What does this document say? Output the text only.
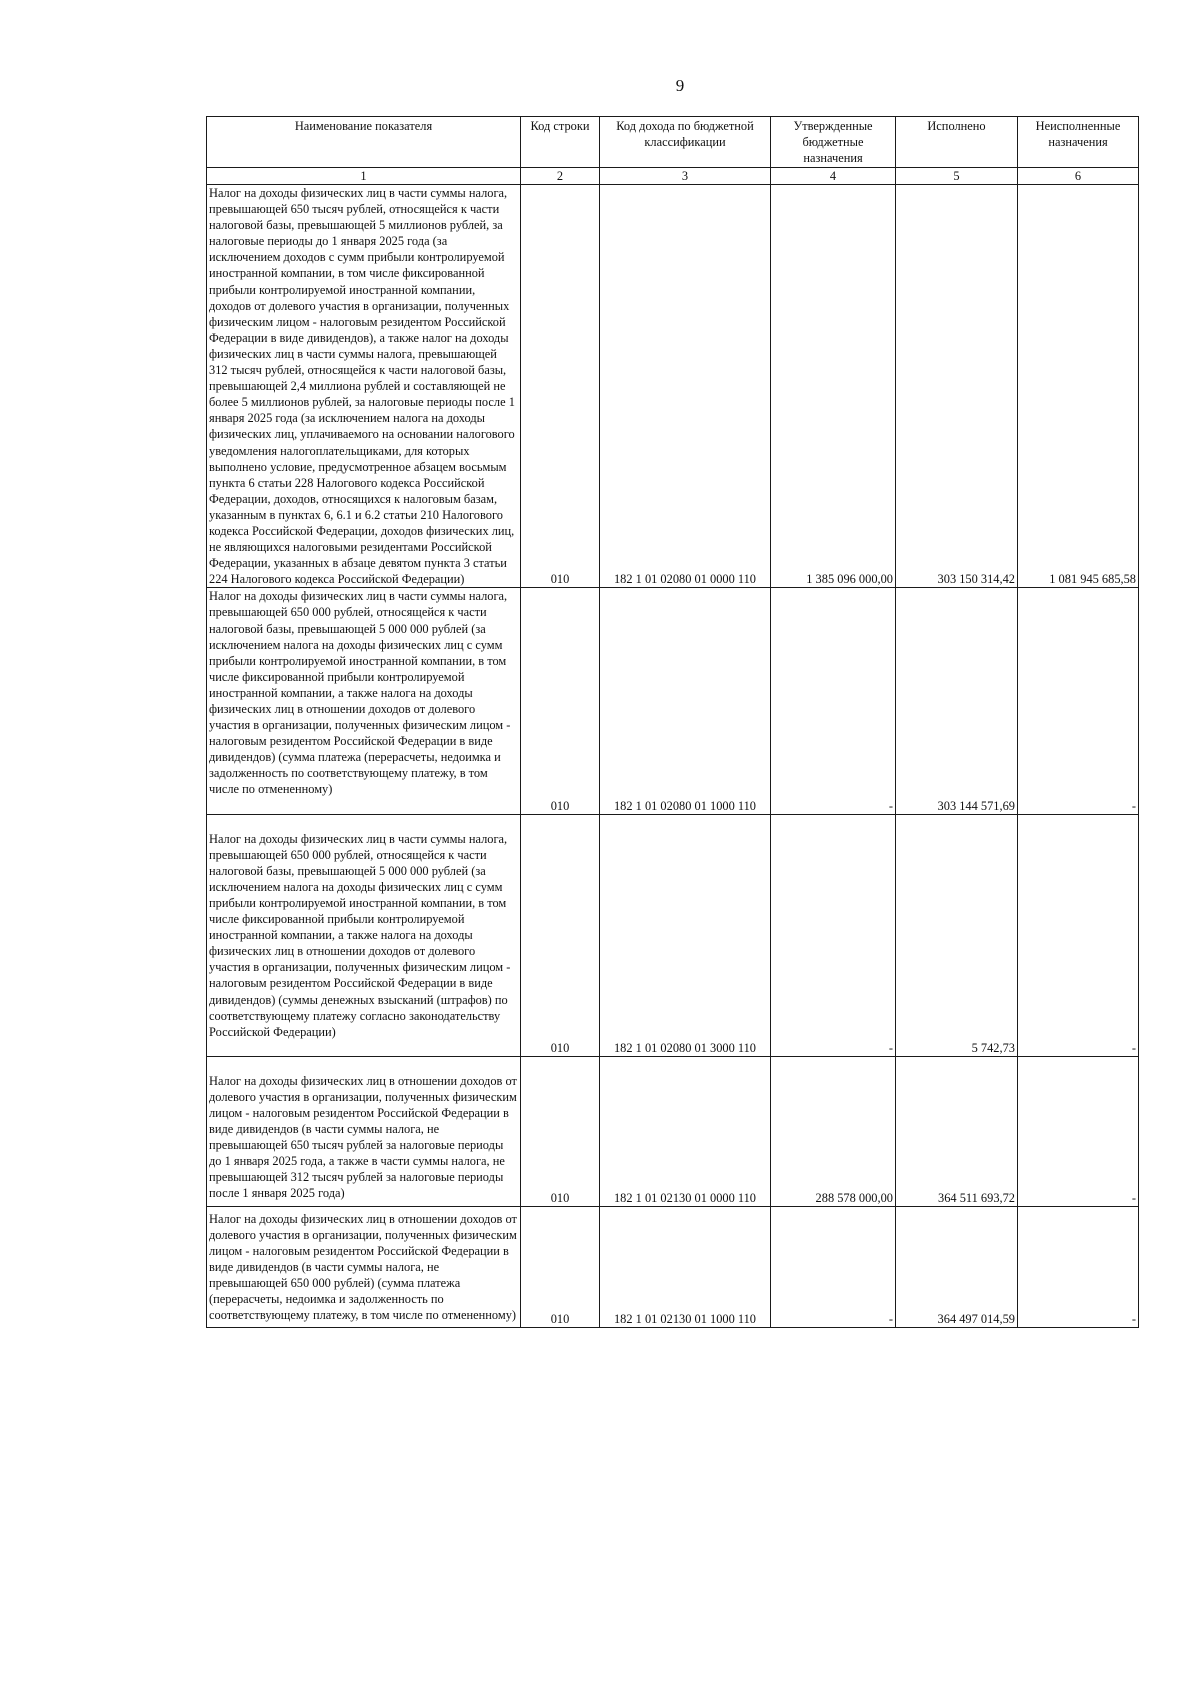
9
Наименование показателя	Код строки	Код дохода по бюджетной классификации	Утвержденные бюджетные назначения	Исполнено	Неисполненные назначения
1	2	3	4	5	6
Налог на доходы физических лиц в части суммы налога, превышающей 650 тысяч рублей, относящейся к части налоговой базы, превышающей 5 миллионов рублей, за налоговые периоды до 1 января 2025 года (за исключением доходов с сумм прибыли контролируемой иностранной компании, в том числе фиксированной прибыли контролируемой иностранной компании, доходов от долевого участия в организации, полученных физическим лицом - налоговым резидентом Российской Федерации в виде дивидендов), а также налог на доходы физических лиц в части суммы налога, превышающей 312 тысяч рублей, относящейся к части налоговой базы, превышающей 2,4 миллиона рублей и составляющей не более 5 миллионов рублей, за налоговые периоды после 1 января 2025 года (за исключением налога на доходы физических лиц, уплачиваемого на основании налогового уведомления налогоплательщиками, для которых выполнено условие, предусмотренное абзацем восьмым пункта 6 статьи 228 Налогового кодекса Российской Федерации, доходов, относящихся к налоговым базам, указанным в пунктах 6, 6.1 и 6.2 статьи 210 Налогового кодекса Российской Федерации, доходов физических лиц, не являющихся налоговыми резидентами Российской Федерации, указанных в абзаце девятом пункта 3 статьи 224 Налогового кодекса Российской Федерации)	010	182 1 01 02080 01 0000 110	1 385 096 000,00	303 150 314,42	1 081 945 685,58
Налог на доходы физических лиц в части суммы налога, превышающей 650 000 рублей, относящейся к части налоговой базы, превышающей 5 000 000 рублей (за исключением налога на доходы физических лиц с сумм прибыли контролируемой иностранной компании, в том числе фиксированной прибыли контролируемой иностранной компании, а также налога на доходы физических лиц в отношении доходов от долевого участия в организации, полученных физическим лицом - налоговым резидентом Российской Федерации в виде дивидендов) (сумма платежа (перерасчеты, недоимка и задолженность по соответствующему платежу, в том числе по отмененному)	010	182 1 01 02080 01 1000 110	-	303 144 571,69	-
Налог на доходы физических лиц в части суммы налога, превышающей 650 000 рублей, относящейся к части налоговой базы, превышающей 5 000 000 рублей (за исключением налога на доходы физических лиц с сумм прибыли контролируемой иностранной компании, в том числе фиксированной прибыли контролируемой иностранной компании, а также налога на доходы физических лиц в отношении доходов от долевого участия в организации, полученных физическим лицом - налоговым резидентом Российской Федерации в виде дивидендов) (суммы денежных взысканий (штрафов) по соответствующему платежу согласно законодательству Российской Федерации)	010	182 1 01 02080 01 3000 110	-	5 742,73	-
Налог на доходы физических лиц в отношении доходов от долевого участия в организации, полученных физическим лицом - налоговым резидентом Российской Федерации в виде дивидендов (в части суммы налога, не превышающей 650 тысяч рублей за налоговые периоды до 1 января 2025 года, а также в части суммы налога, не превышающей 312 тысяч рублей за налоговые периоды после 1 января 2025 года)	010	182 1 01 02130 01 0000 110	288 578 000,00	364 511 693,72	-
Налог на доходы физических лиц в отношении доходов от долевого участия в организации, полученных физическим лицом - налоговым резидентом Российской Федерации в виде дивидендов (в части суммы налога, не превышающей 650 000 рублей) (сумма платежа (перерасчеты, недоимка и задолженность по соответствующему платежу, в том числе по отмененному)	010	182 1 01 02130 01 1000 110	-	364 497 014,59	-
